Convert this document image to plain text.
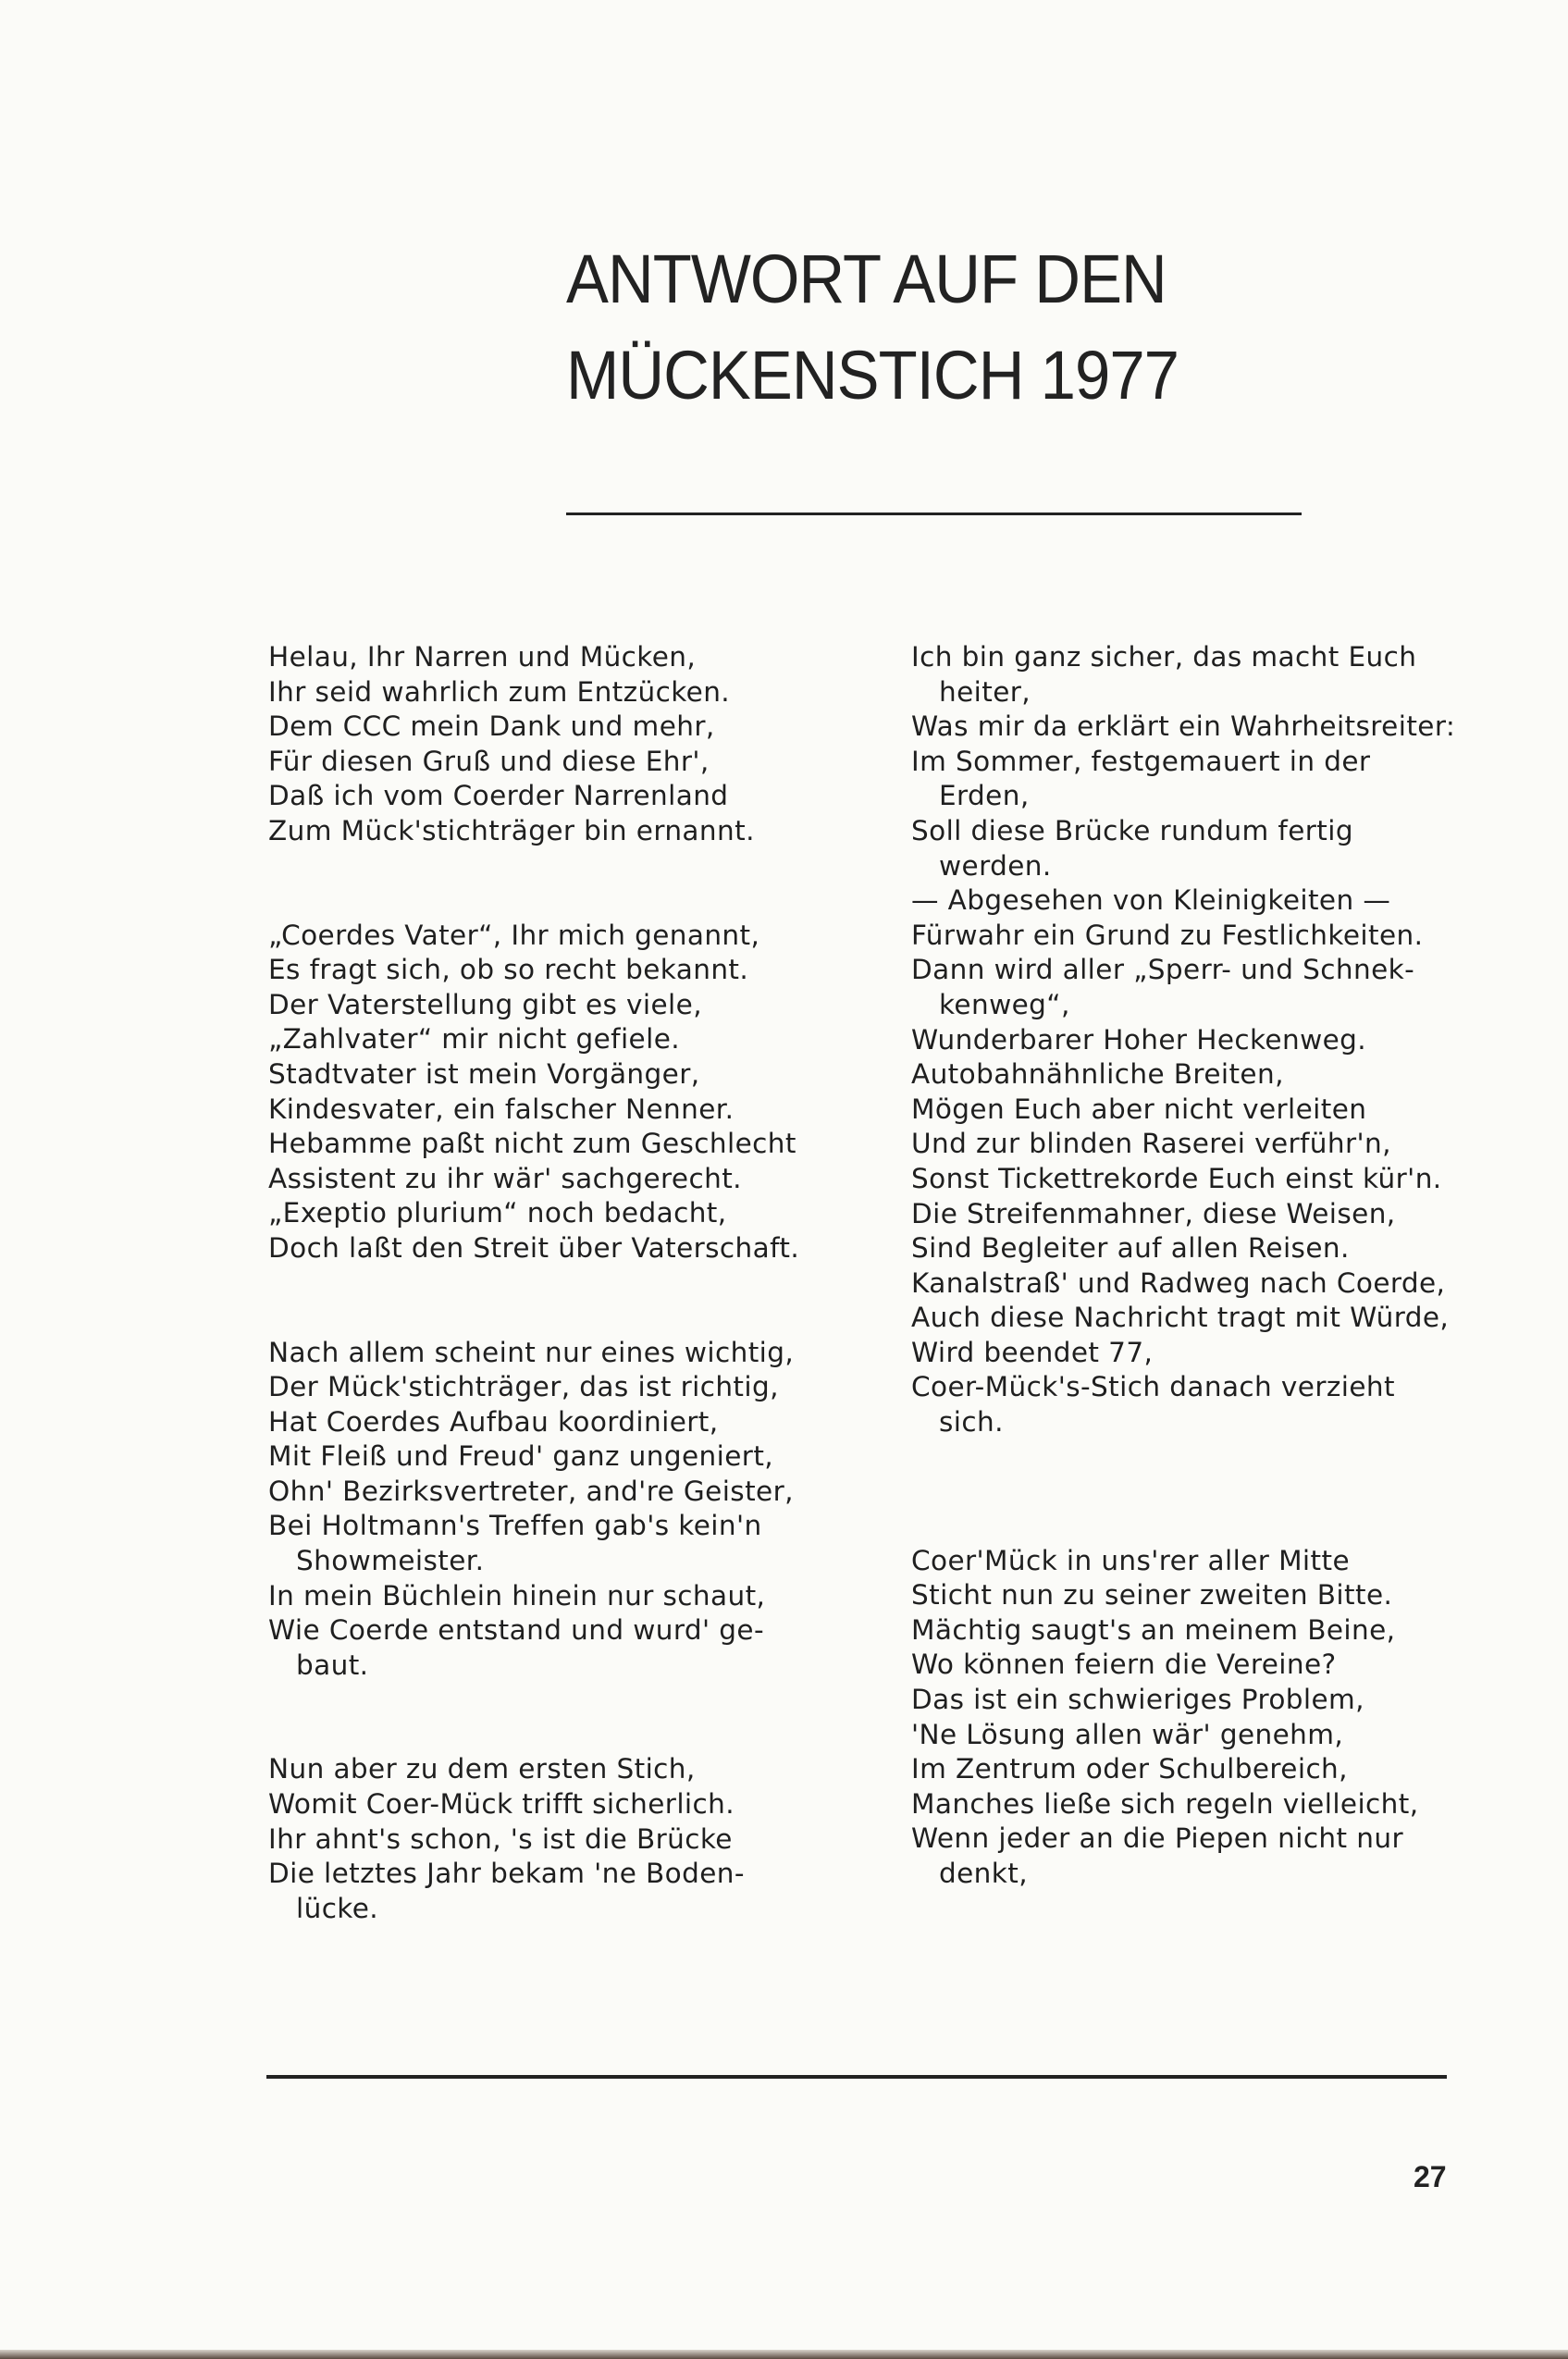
ANTWORT AUF DEN
MÜCKENSTICH 1977
Helau, Ihr Narren und Mücken,
Ihr seid wahrlich zum Entzücken.
Dem CCC mein Dank und mehr,
Für diesen Gruß und diese Ehr',
Daß ich vom Coerder Narrenland
Zum Mück'stichträger bin ernannt.
„Coerdes Vater“, Ihr mich genannt,
Es fragt sich, ob so recht bekannt.
Der Vaterstellung gibt es viele,
„Zahlvater“ mir nicht gefiele.
Stadtvater ist mein Vorgänger,
Kindesvater, ein falscher Nenner.
Hebamme paßt nicht zum Geschlecht
Assistent zu ihr wär' sachgerecht.
„Exeptio plurium“ noch bedacht,
Doch laßt den Streit über Vaterschaft.
Nach allem scheint nur eines wichtig,
Der Mück'stichträger, das ist richtig,
Hat Coerdes Aufbau koordiniert,
Mit Fleiß und Freud' ganz ungeniert,
Ohn' Bezirksvertreter, and're Geister,
Bei Holtmann's Treffen gab's kein'n
Showmeister.
In mein Büchlein hinein nur schaut,
Wie Coerde entstand und wurd' ge-
baut.
Nun aber zu dem ersten Stich,
Womit Coer-Mück trifft sicherlich.
Ihr ahnt's schon, 's ist die Brücke
Die letztes Jahr bekam 'ne Boden-
lücke.
Ich bin ganz sicher, das macht Euch
heiter,
Was mir da erklärt ein Wahrheitsreiter:
Im Sommer, festgemauert in der
Erden,
Soll diese Brücke rundum fertig
werden.
— Abgesehen von Kleinigkeiten —
Fürwahr ein Grund zu Festlichkeiten.
Dann wird aller „Sperr- und Schnek-
kenweg“,
Wunderbarer Hoher Heckenweg.
Autobahnähnliche Breiten,
Mögen Euch aber nicht verleiten
Und zur blinden Raserei verführ'n,
Sonst Tickettrekorde Euch einst kür'n.
Die Streifenmahner, diese Weisen,
Sind Begleiter auf allen Reisen.
Kanalstraß' und Radweg nach Coerde,
Auch diese Nachricht tragt mit Würde,
Wird beendet 77,
Coer-Mück's-Stich danach verzieht
sich.
Coer'Mück in uns'rer aller Mitte
Sticht nun zu seiner zweiten Bitte.
Mächtig saugt's an meinem Beine,
Wo können feiern die Vereine?
Das ist ein schwieriges Problem,
'Ne Lösung allen wär' genehm,
Im Zentrum oder Schulbereich,
Manches ließe sich regeln vielleicht,
Wenn jeder an die Piepen nicht nur
denkt,
27
